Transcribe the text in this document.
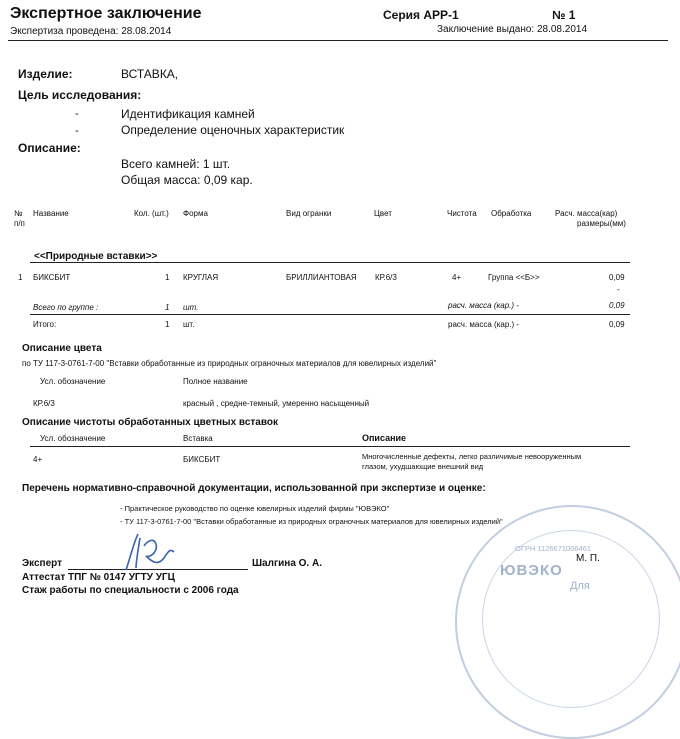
Экспертное заключение	Серия АРР-1	№ 1
Экспертиза проведена: 28.08.2014	Заключение выдано: 28.08.2014
Изделие:	ВСТАВКА,
Цель исследования:
-	Идентификация камней
-	Определение оценочных характеристик
Описание:
Всего камней: 1 шт.
Общая масса: 0,09 кар.
№
п/п
Название	Кол. (шт.) Форма	Вид огранки	Цвет	Чистота Обработка	Расч. масса(кар)
размеры(мм)
<<Природные вставки>>
1 БИКСБИТ	1 КРУГЛАЯ	БРИЛЛИАНТОВАЯ КР.6/3	4+	Группа <<Б>>	0,09
-
Всего по группе :	1 шт.	расч. масса (кар.) -	0,09
Итого:	1 шт.	расч. масса (кар.) -	0,09
Описание цвета
по ТУ 117-3-0761-7-00 "Вставки обработанные из природных ограночных материалов для ювелирных изделий"
Усл. обозначение	Полное название
КР.6/3	красный , средне-темный, умеренно насыщенный
Описание чистоты обработанных цветных вставок
Усл. обозначение	Вставка	Описание
4+	БИКСБИТ	Многочисленные дефекты, легко различимые невооруженным
глазом, ухудшающие внешний вид
Перечень нормативно-справочной документации, использованной при экспертизе и оценке:
- Практическое руководство по оценке ювелирных изделий фирмы "ЮВЭКО"
- ТУ 117-3-0761-7-00 "Вставки обработанные из природных ограночных материалов для ювелирных изделий"
ОГРН 1126671006461
ЮВЭКО
Для
Эксперт	Шалгина О. А.	М. П.
Аттестат ТПГ № 0147 УГТУ УГЦ
Стаж работы по специальности с 2006 года
